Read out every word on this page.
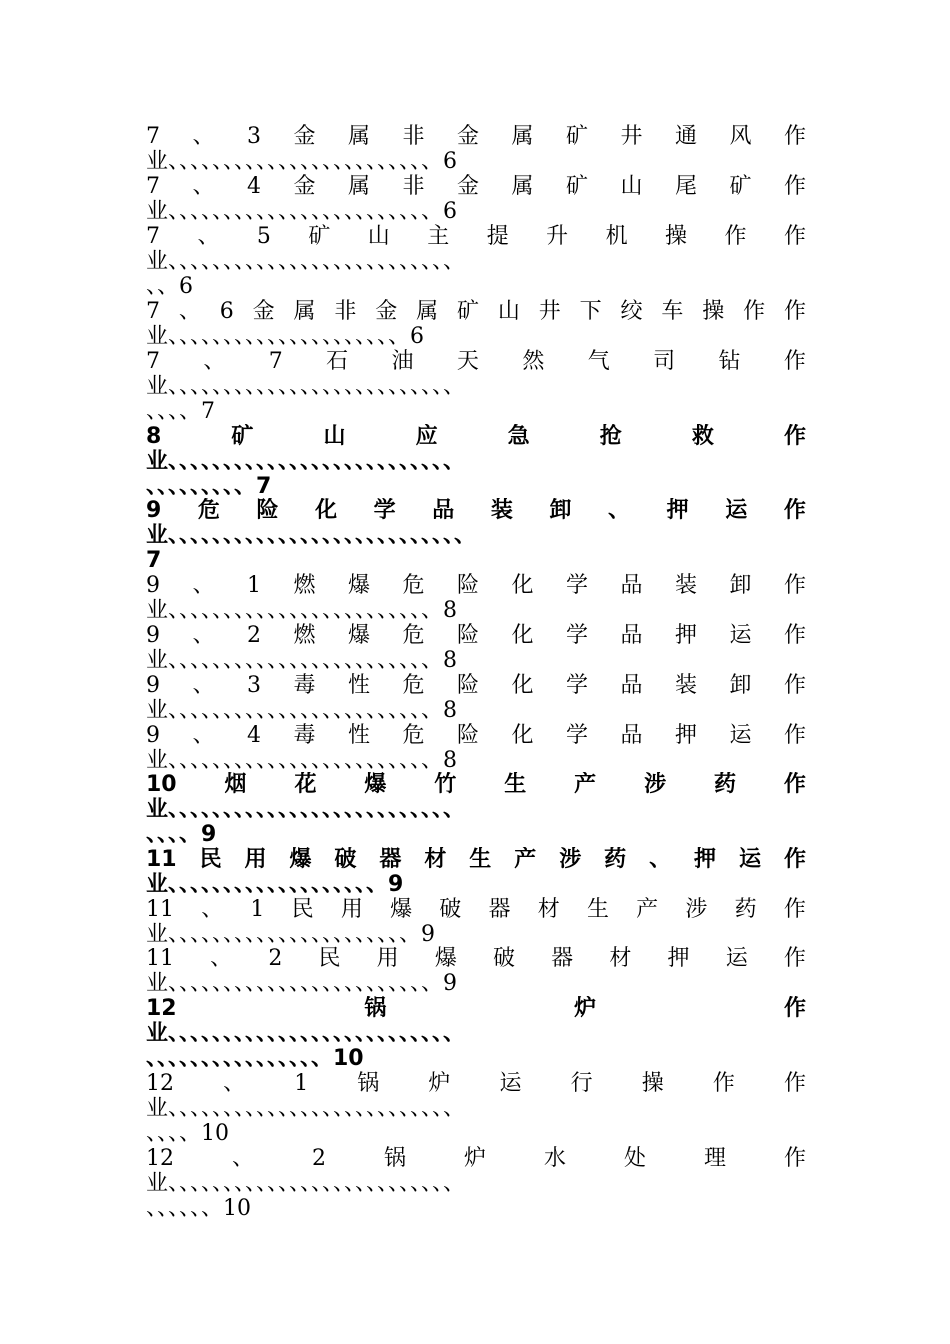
7 、 3 金 属 非 金 属 矿 井 通 风 作
业、、、、、、、、、、、、、、、、、、、、、、、、6
7 、 4 金 属 非 金 属 矿 山 尾 矿 作
业、、、、、、、、、、、、、、、、、、、、、、、、6
7 、 5 矿 山 主 提 升 机 操 作 作
业、、、、、、、、、、、、、、、、、、、、、、、、、、
、、6
7 、 6 金 属 非 金 属 矿 山 井 下 绞 车 操 作 作
业、、、、、、、、、、、、、、、、、、、、、6
7 、 7 石 油 天 然 气 司 钻 作
业、、、、、、、、、、、、、、、、、、、、、、、、、、
、、、、7
8	矿	山	应	急	抢	救	作
业、、、、、、、、、、、、、、、、、、、、、、、、、、
、、、、、、、、、7
9 危 险 化 学 品 装 卸 、 押 运 作
业、、、、、、、、、、、、、、、、、、、、、、、、、、、
7
9 、 1 燃 爆 危 险 化 学 品 装 卸 作
业、、、、、、、、、、、、、、、、、、、、、、、、8
9 、 2 燃 爆 危 险 化 学 品 押 运 作
业、、、、、、、、、、、、、、、、、、、、、、、、8
9 、 3 毒 性 危 险 化 学 品 装 卸 作
业、、、、、、、、、、、、、、、、、、、、、、、、8
9 、 4 毒 性 危 险 化 学 品 押 运 作
业、、、、、、、、、、、、、、、、、、、、、、、、8
10 烟 花 爆 竹 生 产 涉 药 作
业、、、、、、、、、、、、、、、、、、、、、、、、、、
、、、、9
11 民 用 爆 破 器 材 生 产 涉 药 、 押 运 作
业、、、、、、、、、、、、、、、、、、、9
11 、 1 民 用 爆 破 器 材 生 产 涉 药 作
业、、、、、、、、、、、、、、、、、、、、、、9
11 、 2 民 用 爆 破 器 材 押 运 作
业、、、、、、、、、、、、、、、、、、、、、、、、9
12	锅	炉	作
业、、、、、、、、、、、、、、、、、、、、、、、、、、
、、、、、、、、、、、、、、、、10
12 、 1 锅 炉 运 行 操 作 作
业、、、、、、、、、、、、、、、、、、、、、、、、、、
、、、、10
12	、	2	锅	炉	水	处	理	作
业、、、、、、、、、、、、、、、、、、、、、、、、、、
、、、、、、10
